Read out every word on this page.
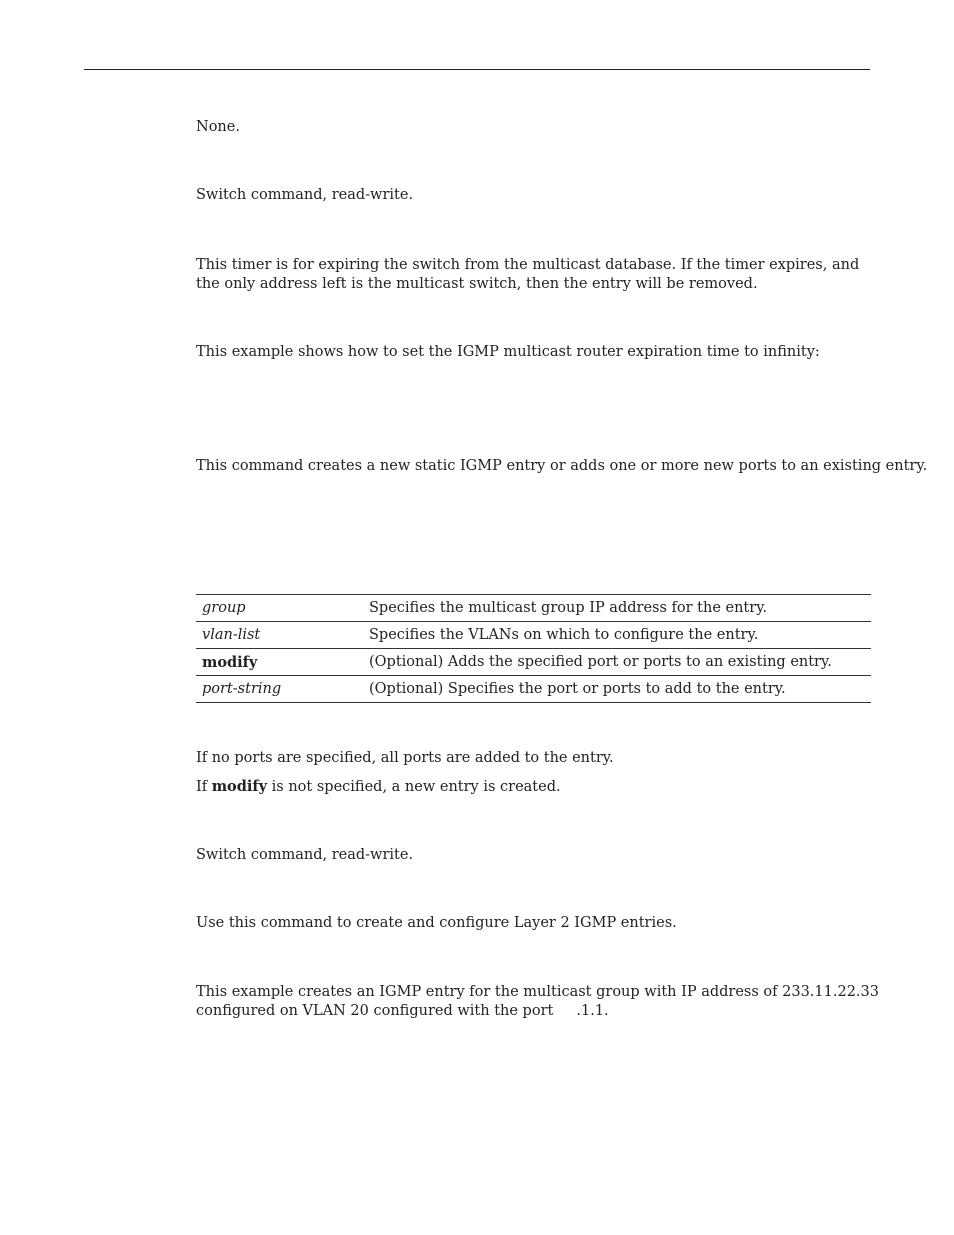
None.

Switch command, read-write.

This timer is for expiring the switch from the multicast database. If the timer expires, and the only address left is the multicast switch, then the entry will be removed.

This example shows how to set the IGMP multicast router expiration time to infinity:

This command creates a new static IGMP entry or adds one or more new ports to an existing entry.

group	Specifies the multicast group IP address for the entry.
vlan-list	Specifies the VLANs on which to configure the entry.
modify	(Optional) Adds the specified port or ports to an existing entry.
port-string	(Optional) Specifies the port or ports to add to the entry.

If no ports are specified, all ports are added to the entry.

If modify is not specified, a new entry is created.

Switch command, read-write.

Use this command to create and configure Layer 2 IGMP entries.

This example creates an IGMP entry for the multicast group with IP address of 233.11.22.33

configured on VLAN 20 configured with the port     .1.1.
